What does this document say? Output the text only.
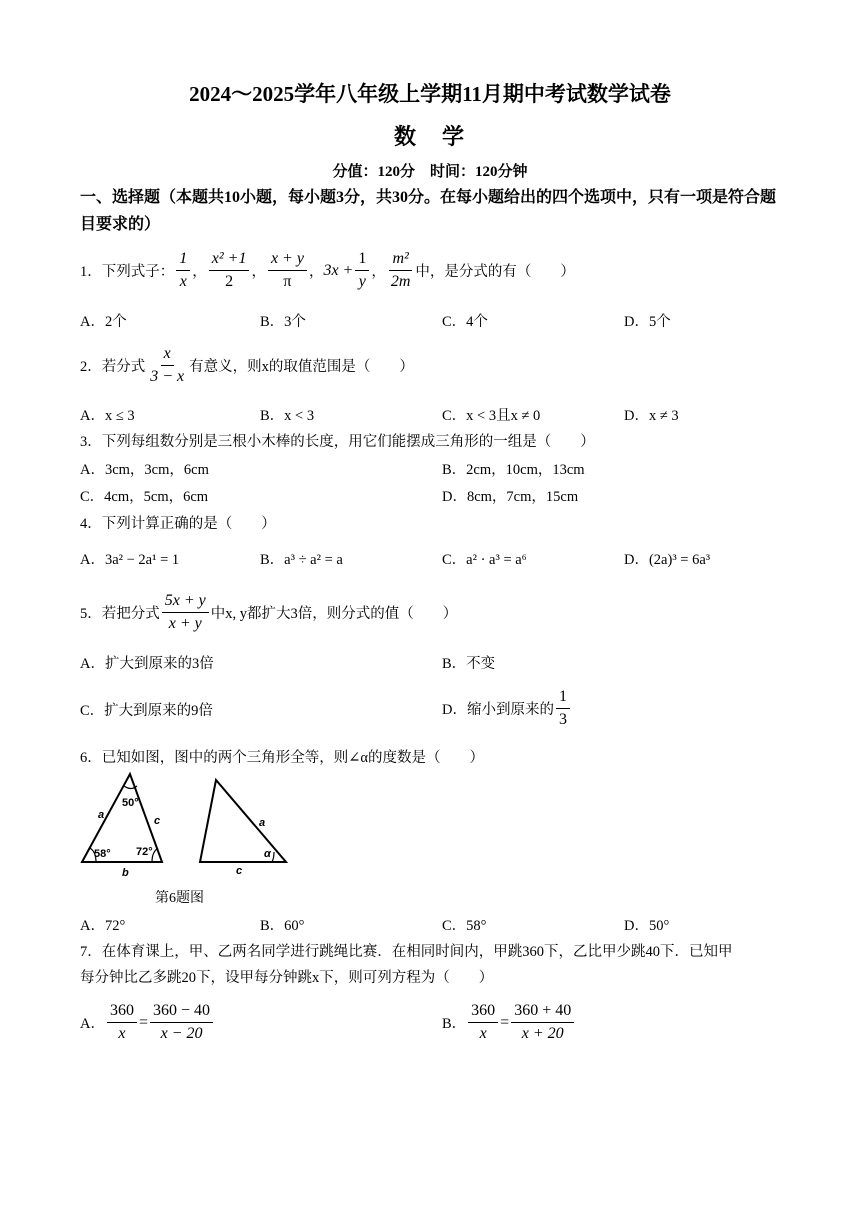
2024～2025学年八年级上学期11月期中考试数学试卷
数　学
分值：120分　时间：120分钟
一、选择题（本题共10小题，每小题3分，共30分。在每小题给出的四个选项中，只有一项是符合题目要求的）
1．下列式子： $\frac{1}{x}$ ， $\frac{\text{x² +1}}{2}$ ， $\frac{x + y}{\pi}$ ， $3x + \frac{1}{y}$ ， $\frac{\text{m²}}{2m}$ 中，是分式的有（　　）
A．2个	B．3个	C．4个	D．5个
2．若分式 $\frac{x}{3 - x}$ 有意义，则x的取值范围是（　　）
A．x ≤ 3	B．x < 3	C．x < 3且x ≠ 0	D．x ≠ 3
3．下列每组数分别是三根小木棒的长度，用它们能摆成三角形的一组是（　　）
A．3cm，3cm，6cm	B．2cm，10cm，13cm
C．4cm，5cm，6cm	D．8cm，7cm，15cm
4．下列计算正确的是（　　）
A．3a² − 2a¹ = 1	B．a³ ÷ a² = a	C．a² · a³ = a⁶	D．(2a)³ = 6a³
5．若把分式 $\frac{5x + y}{x + y}$ 中x, y都扩大3倍，则分式的值（　　）
A．扩大到原来的3倍	B．不变
C．扩大到原来的9倍	D．缩小到原来的 $\frac{1}{3}$
6．已知如图，图中的两个三角形全等，则∠α的度数是（　　）
50°
58° 72°
a	c
b
a
α
c
第6题图
A．72°	B．60°	C．58°	D．50°
7．在体育课上，甲、乙两名同学进行跳绳比赛．在相同时间内，甲跳360下，乙比甲少跳40下．已知甲
每分钟比乙多跳20下，设甲每分钟跳x下，则可列方程为（　　）
A． $\frac{360}{x} = \frac{360 - 40}{x - 20}$	B． $\frac{360}{x} = \frac{360 + 40}{x + 20}$
